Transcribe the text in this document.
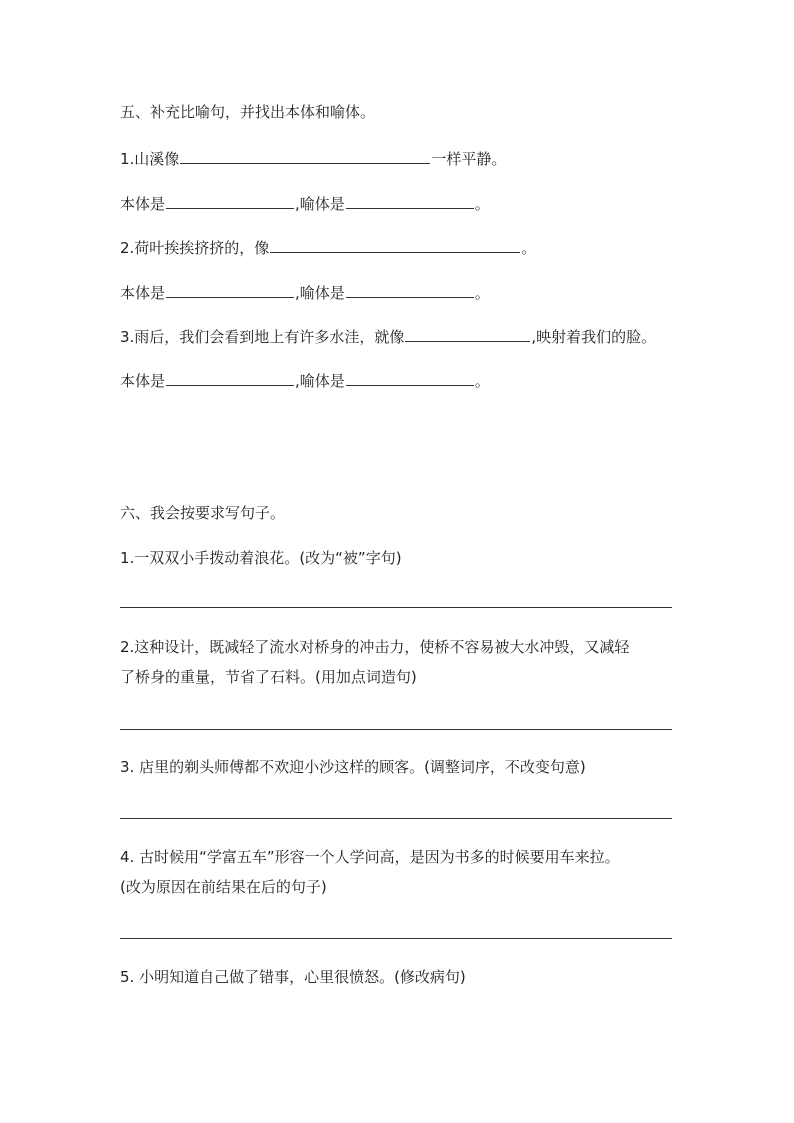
五、补充比喻句，并找出本体和喻体。
1.山溪像	一样平静。
本体是	,喻体是	。
2.荷叶挨挨挤挤的，像	。
本体是	,喻体是	。
3.雨后，我们会看到地上有许多水洼，就像	,映射着我们的脸。
本体是	,喻体是	。
六、我会按要求写句子。
1.一双双小手拨动着浪花。(改为“被”字句)
2.这种设计，既减轻了流水对桥身的冲击力，使桥不容易被大水冲毁，又减轻
了桥身的重量，节省了石料。(用加点词造句)
3. 店里的剃头师傅都不欢迎小沙这样的顾客。(调整词序，不改变句意)
4. 古时候用“学富五车”形容一个人学问高，是因为书多的时候要用车来拉。
(改为原因在前结果在后的句子)
5. 小明知道自己做了错事，心里很愤怒。(修改病句)
